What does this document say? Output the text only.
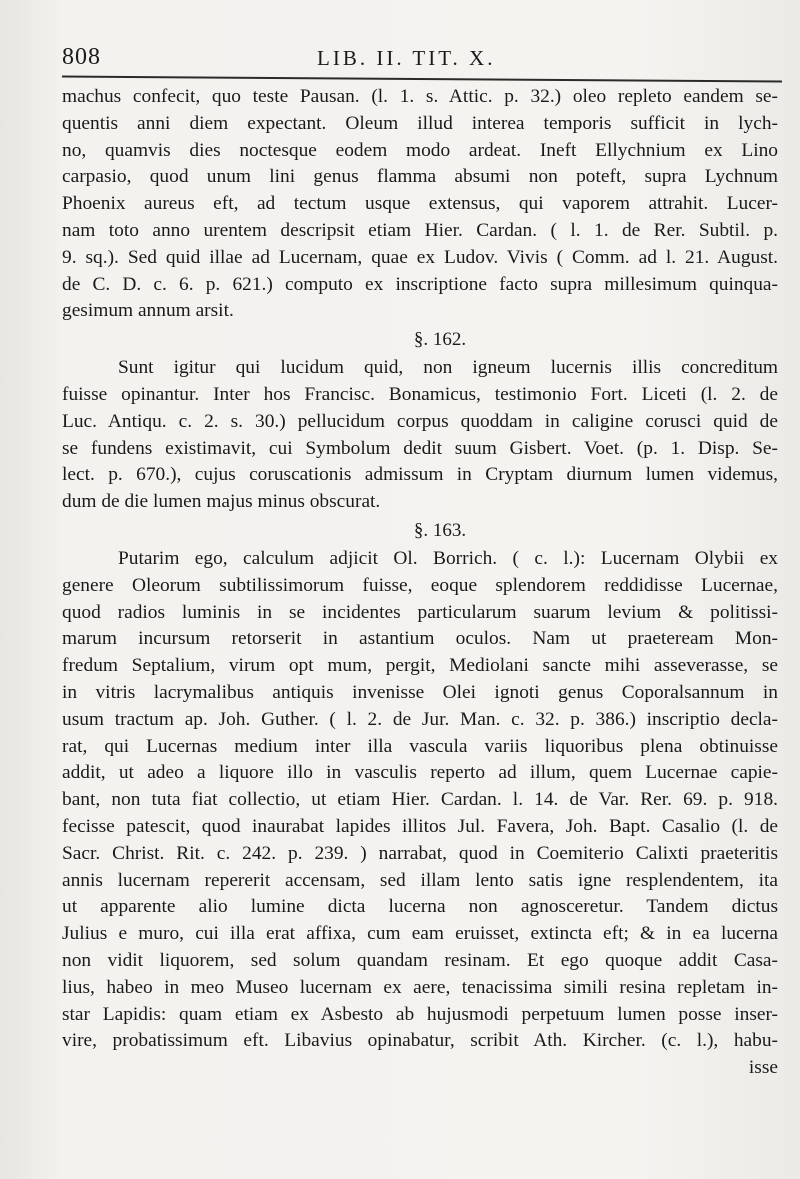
808	LIB. II. TIT. X.
machus confecit, quo teste Pausan. (l. 1. s. Attic. p. 32.) oleo repleto eandem se-
quentis anni diem expectant. Oleum illud interea temporis sufficit in lych-
no, quamvis dies noctesque eodem modo ardeat. Ineft Ellychnium ex Lino
carpasio, quod unum lini genus flamma absumi non poteft, supra Lychnum
Phoenix aureus eft, ad tectum usque extensus, qui vaporem attrahit. Lucer-
nam toto anno urentem descripsit etiam Hier. Cardan. ( l. 1. de Rer. Subtil. p.
9. sq.). Sed quid illae ad Lucernam, quae ex Ludov. Vivis ( Comm. ad l. 21. August.
de C. D. c. 6. p. 621.) computo ex inscriptione facto supra millesimum quinqua-
gesimum annum arsit.
§. 162.
Sunt igitur qui lucidum quid, non igneum lucernis illis concreditum
fuisse opinantur. Inter hos Francisc. Bonamicus, testimonio Fort. Liceti (l. 2. de
Luc. Antiqu. c. 2. s. 30.) pellucidum corpus quoddam in caligine corusci quid de
se fundens existimavit, cui Symbolum dedit suum Gisbert. Voet. (p. 1. Disp. Se-
lect. p. 670.), cujus coruscationis admissum in Cryptam diurnum lumen videmus,
dum de die lumen majus minus obscurat.
§. 163.
Putarim ego, calculum adjicit Ol. Borrich. ( c. l.): Lucernam Olybii ex
genere Oleorum subtilissimorum fuisse, eoque splendorem reddidisse Lucernae,
quod radios luminis in se incidentes particularum suarum levium & politissi-
marum incursum retorserit in astantium oculos. Nam ut praeteream Mon-
fredum Septalium, virum opt mum, pergit, Mediolani sancte mihi asseverasse, se
in vitris lacrymalibus antiquis invenisse Olei ignoti genus Coporalsannum in
usum tractum ap. Joh. Guther. ( l. 2. de Jur. Man. c. 32. p. 386.) inscriptio decla-
rat, qui Lucernas medium inter illa vascula variis liquoribus plena obtinuisse
addit, ut adeo a liquore illo in vasculis reperto ad illum, quem Lucernae capie-
bant, non tuta fiat collectio, ut etiam Hier. Cardan. l. 14. de Var. Rer. 69. p. 918.
fecisse patescit, quod inaurabat lapides illitos Jul. Favera, Joh. Bapt. Casalio (l. de
Sacr. Christ. Rit. c. 242. p. 239. ) narrabat, quod in Coemiterio Calixti praeteritis
annis lucernam repererit accensam, sed illam lento satis igne resplendentem, ita
ut apparente alio lumine dicta lucerna non agnosceretur. Tandem dictus
Julius e muro, cui illa erat affixa, cum eam eruisset, extincta eft; & in ea lucerna
non vidit liquorem, sed solum quandam resinam. Et ego quoque addit Casa-
lius, habeo in meo Museo lucernam ex aere, tenacissima simili resina repletam in-
star Lapidis: quam etiam ex Asbesto ab hujusmodi perpetuum lumen posse inser-
vire, probatissimum eft. Libavius opinabatur, scribit Ath. Kircher. (c. l.), habu-
isse
